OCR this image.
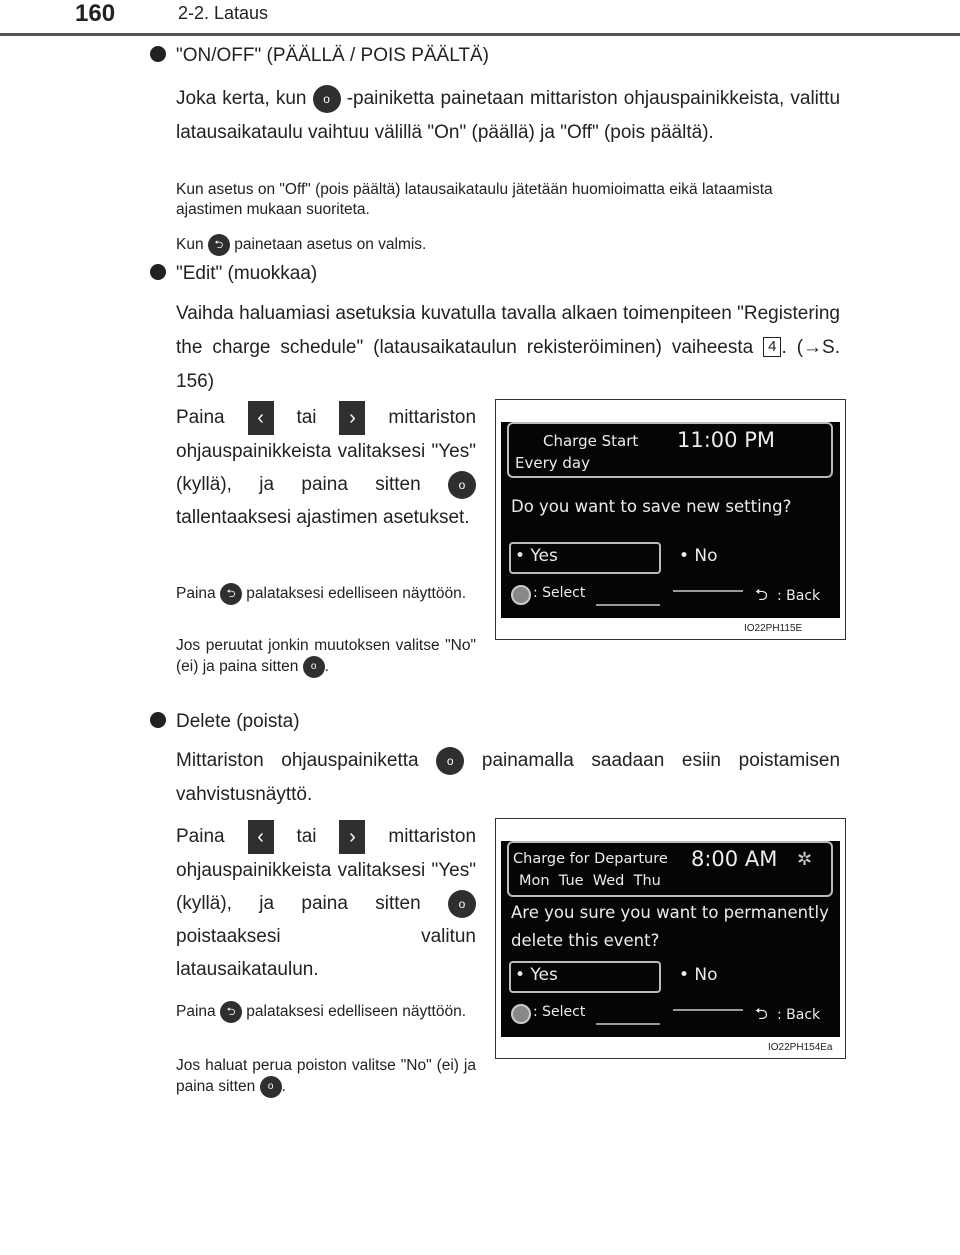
160	2-2. Lataus
"ON/OFF" (PÄÄLLÄ / POIS PÄÄLTÄ)
Joka kerta, kun o -painiketta painetaan mittariston ohjauspainikkeista, valittu latausaikataulu vaihtuu välillä "On" (päällä) ja "Off" (pois päältä).
Kun asetus on "Off" (pois päältä) latausaikataulu jätetään huomioimatta eikä lataamista ajastimen mukaan suoriteta.
Kun ⮌ painetaan asetus on valmis.
"Edit" (muokkaa)
Vaihda haluamiasi asetuksia kuvatulla tavalla alkaen toimenpiteen "Registering the charge schedule" (latausaikataulun rekisteröiminen) vaiheesta 4 . (→S. 156)
Paina ‹ tai › mittariston ohjauspainikkeista valitaksesi "Yes" (kyllä), ja paina sitten	o tallentaaksesi ajastimen asetukset.
Paina ⮌ palataksesi edelliseen näyttöön.
Jos peruutat jonkin muutoksen valitse "No" (ei) ja paina sitten o .
Charge Start
Every day
11:00 PM
Do you want to save new setting?
• Yes	• No
: Select	⮌ : Back
IO22PH115E
Delete (poista)
Mittariston ohjauspainiketta o painamalla saadaan esiin poistamisen vahvistusnäyttö.
Paina ‹ tai › mittariston ohjauspainikkeista valitaksesi "Yes" (kyllä), ja paina sitten	o poistaaksesi valitun latausaikataulun.
Paina ⮌ palataksesi edelliseen näyttöön.
Jos haluat perua poiston valitse "No" (ei) ja paina sitten o .
Charge for Departure
Mon  Tue  Wed  Thu
8:00 AM ✲
Are you sure you want to permanently
delete this event?
• Yes	• No
: Select	⮌ : Back
IO22PH154Ea
